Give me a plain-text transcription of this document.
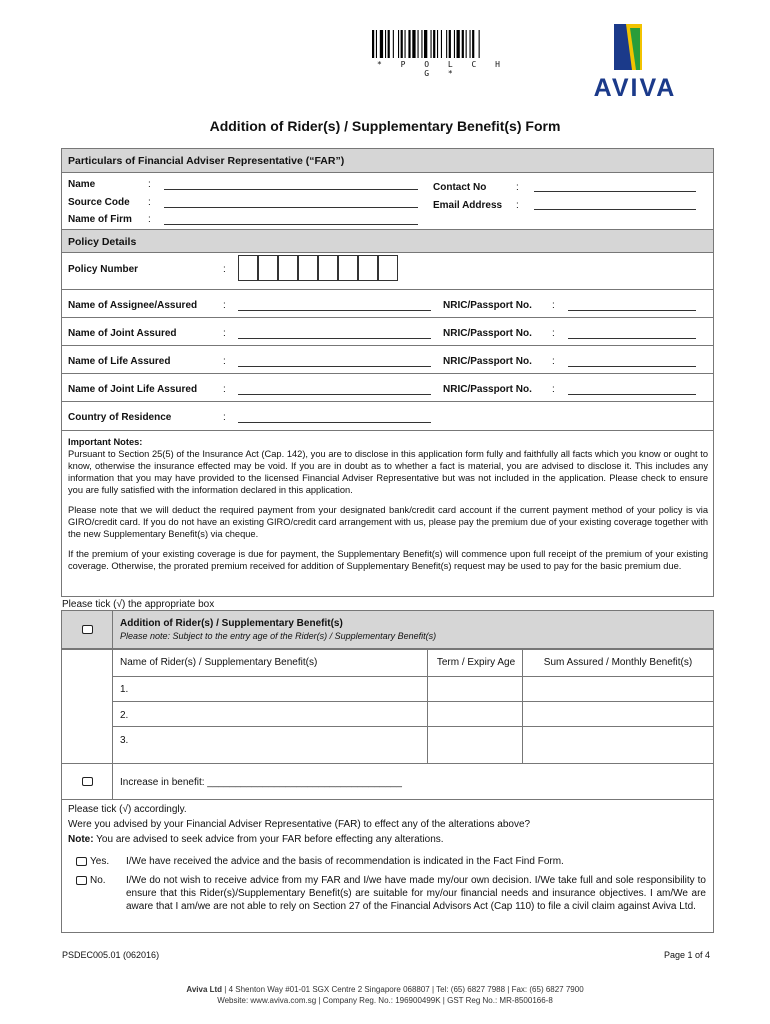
* P O L C H G *
AVIVA
Addition of Rider(s) / Supplementary Benefit(s) Form
Particulars of Financial Adviser Representative (“FAR”)
Name	:
Source Code :
Name of Firm :
Contact No	:
Email Address :
Policy Details
Policy Number	:
Name of Assignee/Assured	:	NRIC/Passport No. :
Name of Joint Assured	:	NRIC/Passport No. :
Name of Life Assured	:	NRIC/Passport No. :
Name of Joint Life Assured	:	NRIC/Passport No. :
Country of Residence	:
Important Notes:

Pursuant to Section 25(5) of the Insurance Act (Cap. 142), you are to disclose in this application form fully and faithfully all facts which you know or ought to know, otherwise the insurance effected may be void. If you are in doubt as to whether a fact is material, you are advised to disclose it. This includes any information that you may have provided to the licensed Financial Adviser Representative but was not included in the application. Please check to ensure you are fully satisfied with the information declared in this application.

Please note that we will deduct the required payment from your designated bank/credit card account if the current payment method of your policy is via GIRO/credit card. If you do not have an existing GIRO/credit card arrangement with us, please pay the premium due of your existing coverage together with the new Supplementary Benefit(s) via cheque.

If the premium of your existing coverage is due for payment, the Supplementary Benefit(s) will commence upon full receipt of the premium of your existing coverage. Otherwise, the prorated premium received for addition of Supplementary Benefit(s) request may be used to pay for the basic premium due.

Please tick (√) the appropriate box
Addition of Rider(s) / Supplementary Benefit(s)
Please note: Subject to the entry age of the Rider(s) / Supplementary Benefit(s)
Name of Rider(s) / Supplementary Benefit(s)	Term / Expiry Age	Sum Assured / Monthly Benefit(s)
1.
2.
3.
Increase in benefit: ___________________________________
Please tick (√) accordingly.
Were you advised by your Financial Adviser Representative (FAR) to effect any of the alterations above?
Note: You are advised to seek advice from your FAR before effecting any alterations.
Yes. I/We have received the advice and the basis of recommendation is indicated in the Fact Find Form.
No. I/We do not wish to receive advice from my FAR and I/we have made my/our own decision. I/We take full and sole responsibility to ensure that this Rider(s)/Supplementary Benefit(s) are suitable for my/our financial needs and insurance objectives. I am/We are aware that I am/we are not able to rely on Section 27 of the Financial Advisors Act (Cap 110) to file a civil claim against Aviva Ltd.
PSDEC005.01 (062016)	Page 1 of 4
Aviva Ltd | 4 Shenton Way #01-01 SGX Centre 2 Singapore 068807 | Tel: (65) 6827 7988 | Fax: (65) 6827 7900
Website: www.aviva.com.sg | Company Reg. No.: 196900499K | GST Reg No.: MR-8500166-8
